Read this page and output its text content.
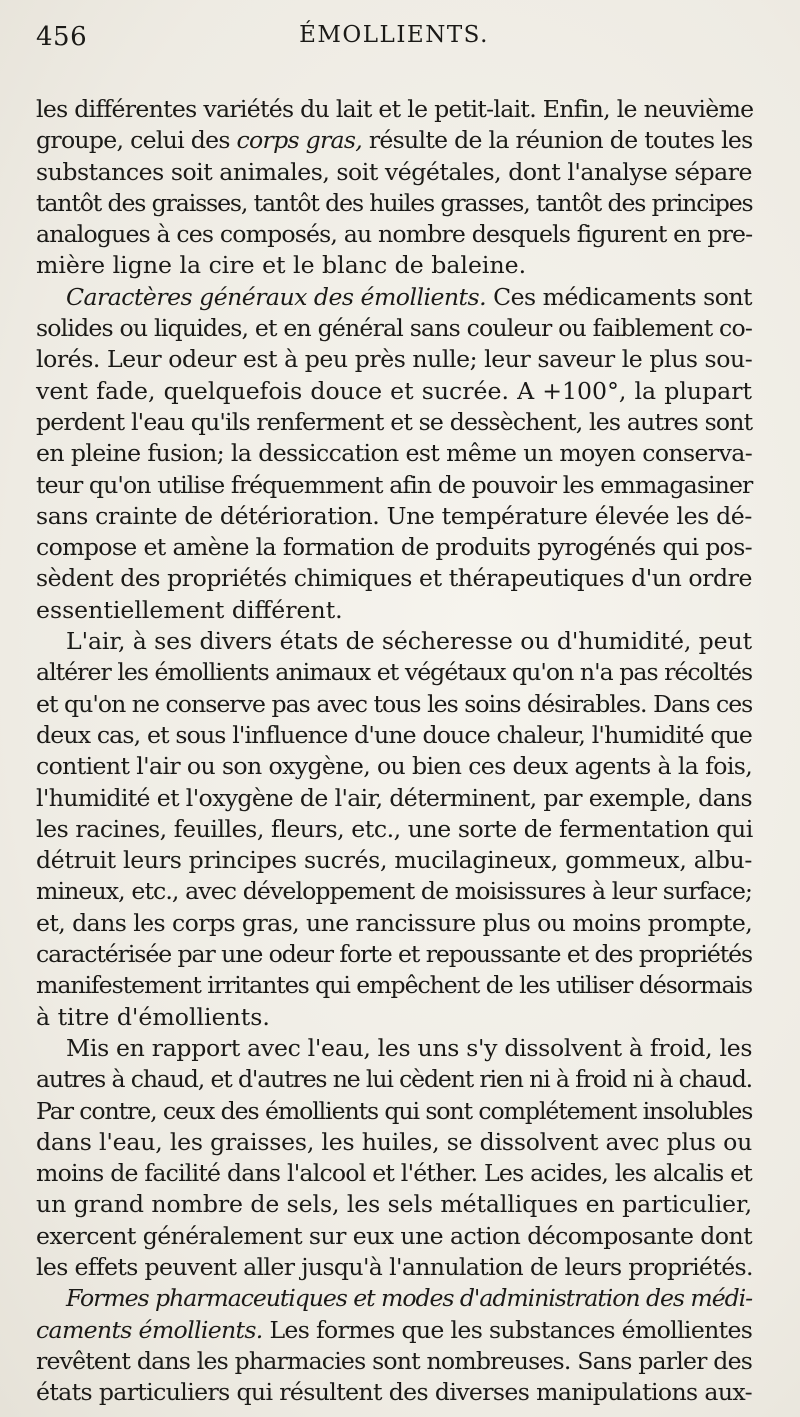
456	ÉMOLLIENTS.
les différentes variétés du lait et le petit-lait. Enfin, le neuvième
groupe, celui des corps gras, résulte de la réunion de toutes les
substances soit animales, soit végétales, dont l'analyse sépare
tantôt des graisses, tantôt des huiles grasses, tantôt des principes
analogues à ces composés, au nombre desquels figurent en pre-
mière ligne la cire et le blanc de baleine.
Caractères généraux des émollients. Ces médicaments sont
solides ou liquides, et en général sans couleur ou faiblement co-
lorés. Leur odeur est à peu près nulle; leur saveur le plus sou-
vent fade, quelquefois douce et sucrée. A +100°, la plupart
perdent l'eau qu'ils renferment et se dessèchent, les autres sont
en pleine fusion; la dessiccation est même un moyen conserva-
teur qu'on utilise fréquemment afin de pouvoir les emmagasiner
sans crainte de détérioration. Une température élevée les dé-
compose et amène la formation de produits pyrogénés qui pos-
sèdent des propriétés chimiques et thérapeutiques d'un ordre
essentiellement différent.
L'air, à ses divers états de sécheresse ou d'humidité, peut
altérer les émollients animaux et végétaux qu'on n'a pas récoltés
et qu'on ne conserve pas avec tous les soins désirables. Dans ces
deux cas, et sous l'influence d'une douce chaleur, l'humidité que
contient l'air ou son oxygène, ou bien ces deux agents à la fois,
l'humidité et l'oxygène de l'air, déterminent, par exemple, dans
les racines, feuilles, fleurs, etc., une sorte de fermentation qui
détruit leurs principes sucrés, mucilagineux, gommeux, albu-
mineux, etc., avec développement de moisissures à leur surface;
et, dans les corps gras, une rancissure plus ou moins prompte,
caractérisée par une odeur forte et repoussante et des propriétés
manifestement irritantes qui empêchent de les utiliser désormais
à titre d'émollients.
Mis en rapport avec l'eau, les uns s'y dissolvent à froid, les
autres à chaud, et d'autres ne lui cèdent rien ni à froid ni à chaud.
Par contre, ceux des émollients qui sont complétement insolubles
dans l'eau, les graisses, les huiles, se dissolvent avec plus ou
moins de facilité dans l'alcool et l'éther. Les acides, les alcalis et
un grand nombre de sels, les sels métalliques en particulier,
exercent généralement sur eux une action décomposante dont
les effets peuvent aller jusqu'à l'annulation de leurs propriétés.
Formes pharmaceutiques et modes d'administration des médi-
caments émollients. Les formes que les substances émollientes
revêtent dans les pharmacies sont nombreuses. Sans parler des
états particuliers qui résultent des diverses manipulations aux-
